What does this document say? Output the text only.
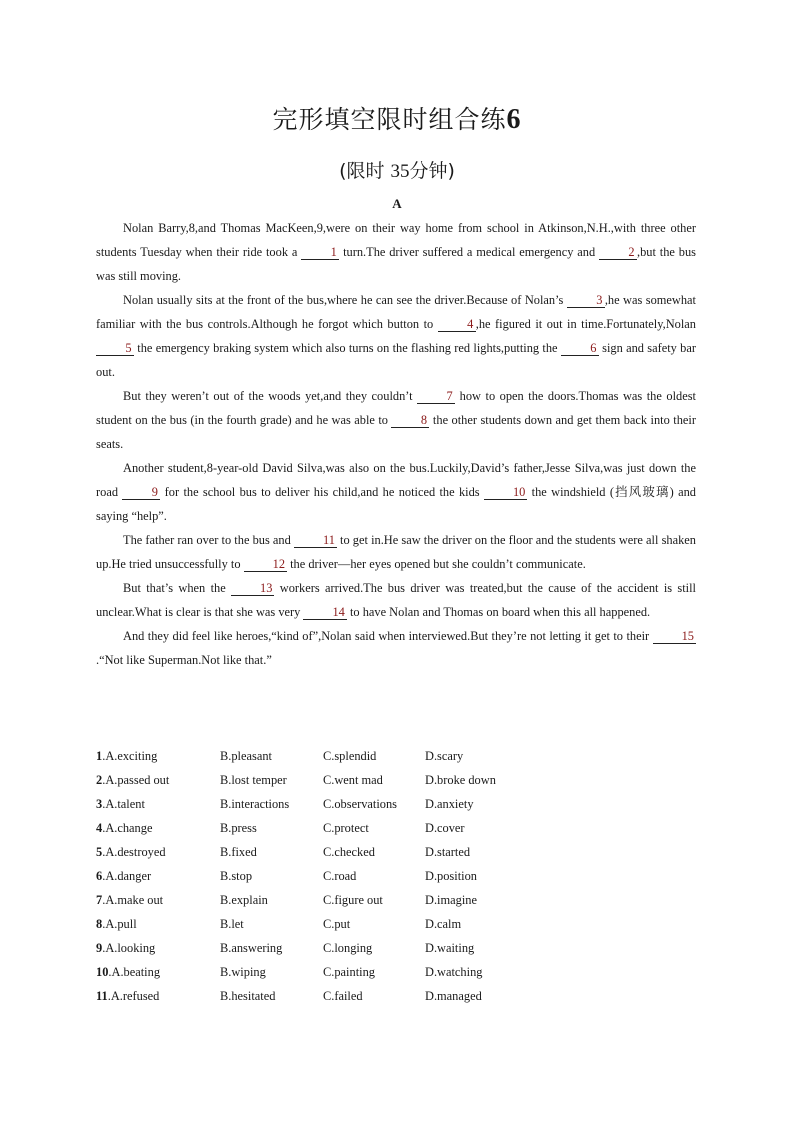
完形填空限时组合练6
(限时 35分钟)
A

Nolan Barry,8,and Thomas MacKeen,9,were on their way home from school in Atkinson,N.H.,with three other students Tuesday when their ride took a 1 turn.The driver suffered a medical emergency and 2 ,but the bus was still moving.

Nolan usually sits at the front of the bus,where he can see the driver.Because of Nolan’s 3 ,he was somewhat familiar with the bus controls.Although he forgot which button to 4 ,he figured it out in time.Fortunately,Nolan 5 the emergency braking system which also turns on the flashing red lights,putting the 6 sign and safety bar out.

But they weren’t out of the woods yet,and they couldn’t 7 how to open the doors.Thomas was the oldest student on the bus (in the fourth grade) and he was able to 8 the other students down and get them back into their seats.

Another student,8-year-old David Silva,was also on the bus.Luckily,David’s father,Jesse Silva,was just down the road 9 for the school bus to deliver his child,and he noticed the kids 10 the windshield (挡风玻璃) and saying “help”.

The father ran over to the bus and 11 to get in.He saw the driver on the floor and the students were all shaken up.He tried unsuccessfully to 12 the driver—her eyes opened but she couldn’t communicate.

But that’s when the 13 workers arrived.The bus driver was treated,but the cause of the accident is still unclear.What is clear is that she was very 14 to have Nolan and Thomas on board when this all happened.

And they did feel like heroes,“kind of”,Nolan said when interviewed.But they’re not letting it get to their 15.“Not like Superman.Not like that.”

1.A.exciting	B.pleasant	C.splendid	D.scary
2.A.passed out	B.lost temper	C.went mad	D.broke down
3.A.talent	B.interactions	C.observations D.anxiety
4.A.change	B.press	C.protect	D.cover
5.A.destroyed	B.fixed	C.checked	D.started
6.A.danger	B.stop	C.road	D.position
7.A.make out	B.explain	C.figure out	D.imagine
8.A.pull	B.let	C.put	D.calm
9.A.looking	B.answering	C.longing	D.waiting
10.A.beating	B.wiping	C.painting	D.watching
11.A.refused	B.hesitated	C.failed	D.managed
